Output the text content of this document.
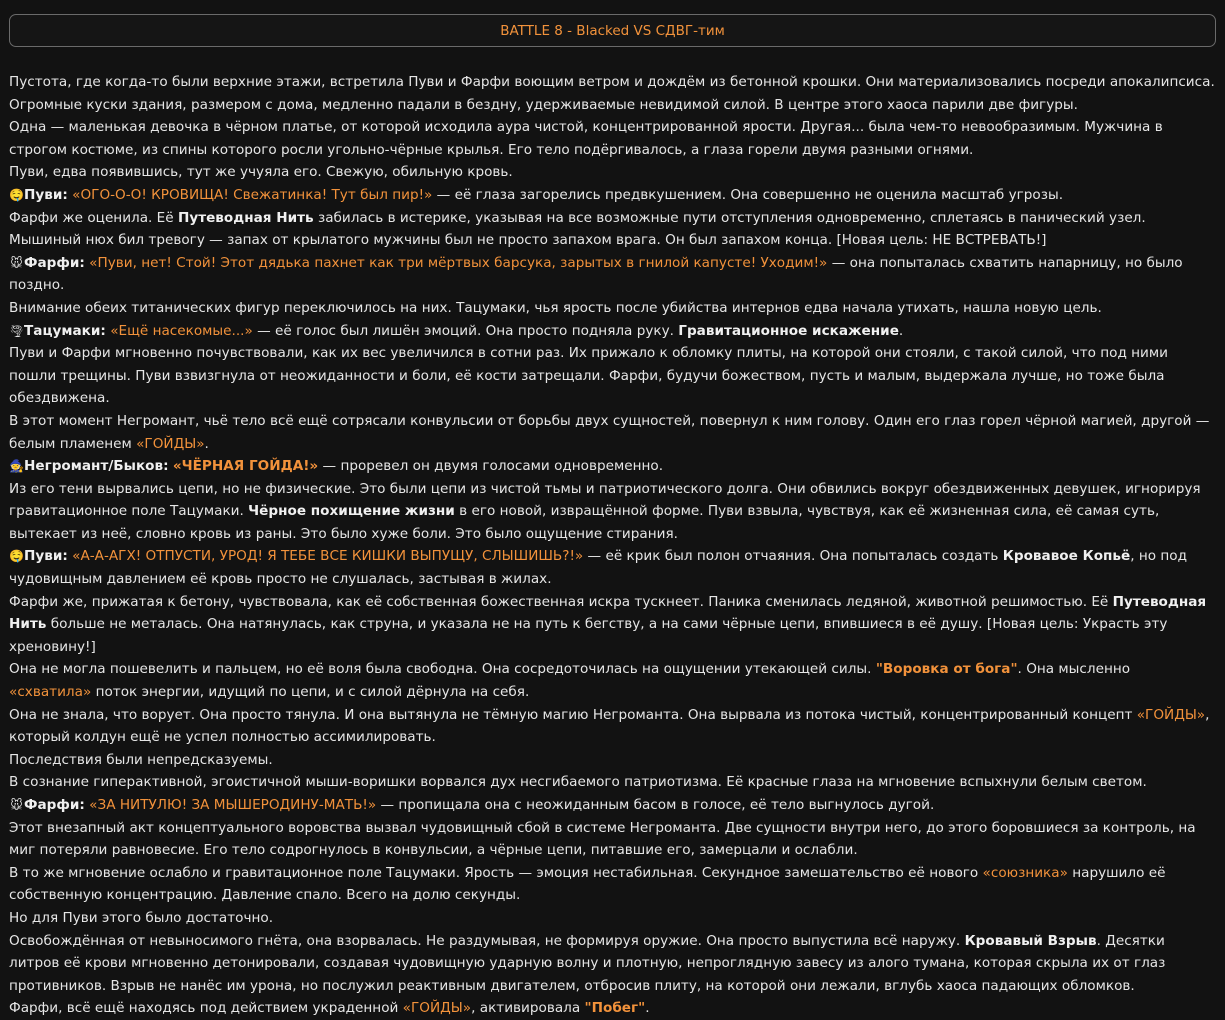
BATTLE 8 - Blacked VS СДВГ-тим

Пустота, где когда-то были верхние этажи, встретила Пуви и Фарфи воющим ветром и дождём из бетонной крошки. Они материализовались посреди апокалипсиса. Огромные куски здания, размером с дома, медленно падали в бездну, удерживаемые невидимой силой. В центре этого хаоса парили две фигуры.

Одна — маленькая девочка в чёрном платье, от которой исходила аура чистой, концентрированной ярости. Другая... была чем-то невообразимым. Мужчина в строгом костюме, из спины которого росли угольно-чёрные крылья. Его тело подёргивалось, а глаза горели двумя разными огнями.

Пуви, едва появившись, тут же учуяла его. Свежую, обильную кровь.

🤤Пуви: «ОГО-О-О! КРОВИЩА! Свежатинка! Тут был пир!» — её глаза загорелись предвкушением. Она совершенно не оценила масштаб угрозы.

Фарфи же оценила. Её Путеводная Нить забилась в истерике, указывая на все возможные пути отступления одновременно, сплетаясь в панический узел. Мышиный нюх бил тревогу — запах от крылатого мужчины был не просто запахом врага. Он был запахом конца. [Новая цель: НЕ ВСТРЕВАТЬ!]

🐭Фарфи: «Пуви, нет! Стой! Этот дядька пахнет как три мёртвых барсука, зарытых в гнилой капусте! Уходим!» — она попыталась схватить напарницу, но было поздно.

Внимание обеих титанических фигур переключилось на них. Тацумаки, чья ярость после убийства интернов едва начала утихать, нашла новую цель.

🌪Тацумаки: «Ещё насекомые...» — её голос был лишён эмоций. Она просто подняла руку. Гравитационное искажение.

Пуви и Фарфи мгновенно почувствовали, как их вес увеличился в сотни раз. Их прижало к обломку плиты, на которой они стояли, с такой силой, что под ними пошли трещины. Пуви взвизгнула от неожиданности и боли, её кости затрещали. Фарфи, будучи божеством, пусть и малым, выдержала лучше, но тоже была обездвижена.

В этот момент Негромант, чьё тело всё ещё сотрясали конвульсии от борьбы двух сущностей, повернул к ним голову. Один его глаз горел чёрной магией, другой — белым пламенем «ГОЙДЫ».

🧙Негромант/Быков: «ЧЁРНАЯ ГОЙДА!» — проревел он двумя голосами одновременно.

Из его тени вырвались цепи, но не физические. Это были цепи из чистой тьмы и патриотического долга. Они обвились вокруг обездвиженных девушек, игнорируя гравитационное поле Тацумаки. Чёрное похищение жизни в его новой, извращённой форме. Пуви взвыла, чувствуя, как её жизненная сила, её самая суть, вытекает из неё, словно кровь из раны. Это было хуже боли. Это было ощущение стирания.

🤤Пуви: «А-А-АГХ! ОТПУСТИ, УРОД! Я ТЕБЕ ВСЕ КИШКИ ВЫПУЩУ, СЛЫШИШЬ?!» — её крик был полон отчаяния. Она попыталась создать Кровавое Копьё, но под чудовищным давлением её кровь просто не слушалась, застывая в жилах.

Фарфи же, прижатая к бетону, чувствовала, как её собственная божественная искра тускнеет. Паника сменилась ледяной, животной решимостью. Её Путеводная Нить больше не металась. Она натянулась, как струна, и указала не на путь к бегству, а на сами чёрные цепи, впившиеся в её душу. [Новая цель: Украсть эту хреновину!]

Она не могла пошевелить и пальцем, но её воля была свободна. Она сосредоточилась на ощущении утекающей силы. "Воровка от бога". Она мысленно «схватила» поток энергии, идущий по цепи, и с силой дёрнула на себя.

Она не знала, что ворует. Она просто тянула. И она вытянула не тёмную магию Негроманта. Она вырвала из потока чистый, концентрированный концепт «ГОЙДЫ», который колдун ещё не успел полностью ассимилировать.

Последствия были непредсказуемы.

В сознание гиперактивной, эгоистичной мыши-воришки ворвался дух несгибаемого патриотизма. Её красные глаза на мгновение вспыхнули белым светом.

🐭Фарфи: «ЗА НИТУЛЮ! ЗА МЫШЕРОДИНУ-МАТЬ!» — пропищала она с неожиданным басом в голосе, её тело выгнулось дугой.

Этот внезапный акт концептуального воровства вызвал чудовищный сбой в системе Негроманта. Две сущности внутри него, до этого боровшиеся за контроль, на миг потеряли равновесие. Его тело содрогнулось в конвульсии, а чёрные цепи, питавшие его, замерцали и ослабли.

В то же мгновение ослабло и гравитационное поле Тацумаки. Ярость — эмоция нестабильная. Секундное замешательство её нового «союзника» нарушило её собственную концентрацию. Давление спало. Всего на долю секунды.

Но для Пуви этого было достаточно.

Освобождённая от невыносимого гнёта, она взорвалась. Не раздумывая, не формируя оружие. Она просто выпустила всё наружу. Кровавый Взрыв. Десятки литров её крови мгновенно детонировали, создавая чудовищную ударную волну и плотную, непроглядную завесу из алого тумана, которая скрыла их от глаз противников. Взрыв не нанёс им урона, но послужил реактивным двигателем, отбросив плиту, на которой они лежали, вглубь хаоса падающих обломков.

Фарфи, всё ещё находясь под действием украденной «ГОЙДЫ», активировала "Побег".
